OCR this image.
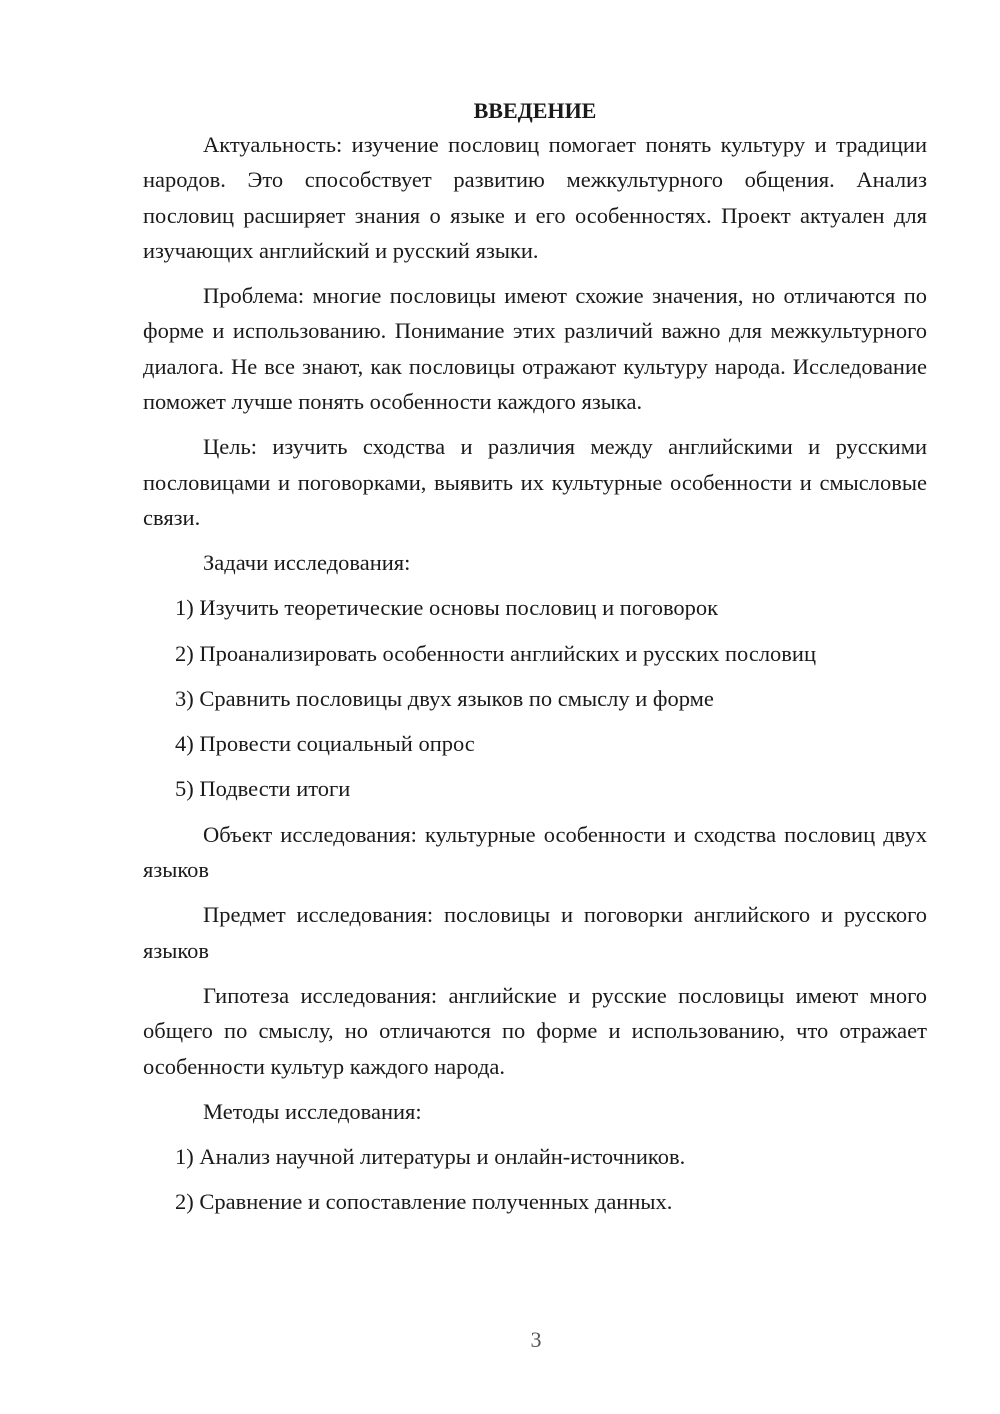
ВВЕДЕНИЕ

Актуальность: изучение пословиц помогает понять культуру и традиции народов. Это способствует развитию межкультурного общения. Анализ пословиц расширяет знания о языке и его особенностях. Проект актуален для изучающих английский и русский языки.

Проблема: многие пословицы имеют схожие значения, но отличаются по форме и использованию. Понимание этих различий важно для межкультурного диалога. Не все знают, как пословицы отражают культуру народа. Исследование поможет лучше понять особенности каждого языка.

Цель: изучить сходства и различия между английскими и русскими пословицами и поговорками, выявить их культурные особенности и смысловые связи.

Задачи исследования:

1) Изучить теоретические основы пословиц и поговорок

2) Проанализировать особенности английских и русских пословиц

3) Сравнить пословицы двух языков по смыслу и форме

4) Провести социальный опрос

5) Подвести итоги

Объект исследования: культурные особенности и сходства пословиц двух языков

Предмет исследования: пословицы и поговорки английского и русского языков

Гипотеза исследования: английские и русские пословицы имеют много общего по смыслу, но отличаются по форме и использованию, что отражает особенности культур каждого народа.

Методы исследования:

1) Анализ научной литературы и онлайн-источников.

2) Сравнение и сопоставление полученных данных.

3
